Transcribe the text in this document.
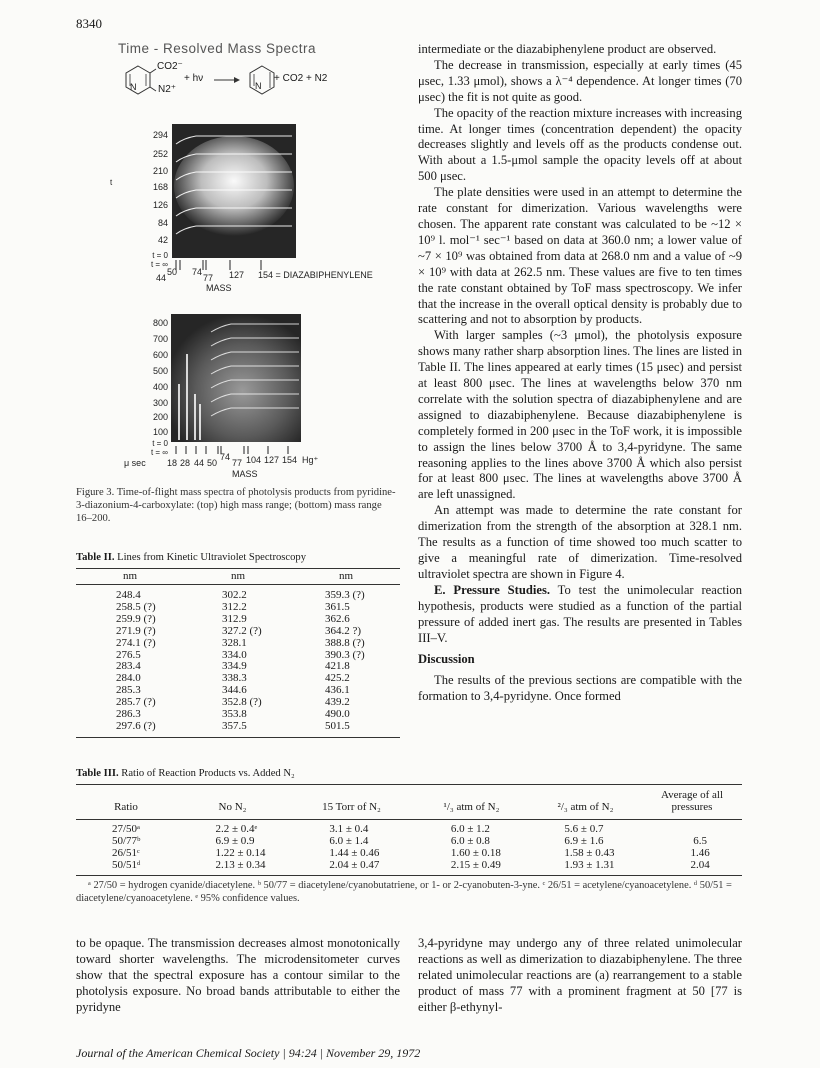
8340
Time - Resolved Mass Spectra
CO2⁻
N2⁺
N
+ hν
N
+ CO2 + N2
294
252
210
168
126
84
42
t = 0
t = ∞
t
44
50 74
77 127 154 = DIAZABIPHENYLENE
MASS
800
700
600
500
400
300
200
100
t = 0
t = ∞
μ sec 18 28 44 50
74
77 104 127 154 Hg⁺
MASS
Figure 3. Time-of-flight mass spectra of photolysis products from pyridine-3-diazonium-4-carboxylate: (top) high mass range; (bottom) mass range 16–200.
Table II. Lines from Kinetic Ultraviolet Spectroscopy
nm	nm	nm
248.4	302.2	359.3 (?)
258.5 (?)	312.2	361.5
259.9 (?)	312.9	362.6
271.9 (?)	327.2 (?)	364.2 ?)
274.1 (?)	328.1	388.8 (?)
276.5	334.0	390.3 (?)
283.4	334.9	421.8
284.0	338.3	425.2
285.3	344.6	436.1
285.7 (?)	352.8 (?)	439.2
286.3	353.8	490.0
297.6 (?)	357.5	501.5

intermediate or the diazabiphenylene product are observed.

The decrease in transmission, especially at early times (45 μsec, 1.33 μmol), shows a λ⁻⁴ dependence. At longer times (70 μsec) the fit is not quite as good.

The opacity of the reaction mixture increases with increasing time. At longer times (concentration dependent) the opacity decreases slightly and levels off as the products condense out. With about a 1.5-μmol sample the opacity levels off at about 500 μsec.

The plate densities were used in an attempt to determine the rate constant for dimerization. Various wavelengths were chosen. The apparent rate constant was calculated to be ~12 × 10⁹ l. mol⁻¹ sec⁻¹ based on data at 360.0 nm; a lower value of ~7 × 10⁹ was obtained from data at 268.0 nm and a value of ~9 × 10⁹ with data at 262.5 nm. These values are five to ten times the rate constant obtained by ToF mass spectroscopy. We infer that the increase in the overall optical density is probably due to scattering and not to absorption by products.

With larger samples (~3 μmol), the photolysis exposure shows many rather sharp absorption lines. The lines are listed in Table II. The lines appeared at early times (15 μsec) and persist at least 800 μsec. The lines at wavelengths below 370 nm correlate with the solution spectra of diazabiphenylene and are assigned to diazabiphenylene. Because diazabiphenylene is completely formed in 200 μsec in the ToF work, it is impossible to assign the lines below 3700 Å to 3,4-pyridyne. The same reasoning applies to the lines above 3700 Å which also persist for at least 800 μsec. The lines at wavelengths above 3700 Å are left unassigned.

An attempt was made to determine the rate constant for dimerization from the strength of the absorption at 328.1 nm. The results as a function of time showed too much scatter to give a meaningful rate of dimerization. Time-resolved ultraviolet spectra are shown in Figure 4.

E. Pressure Studies. To test the unimolecular reaction hypothesis, products were studied as a function of the partial pressure of added inert gas. The results are presented in Tables III–V.

Discussion

The results of the previous sections are compatible with the formation to 3,4-pyridyne. Once formed

Table III. Ratio of Reaction Products vs. Added N₂
Ratio	No N₂	15 Torr of N₂	¹/₃ atm of N₂	²/₃ atm of N₂	Average of all pressures
27/50ᵃ	2.2 ± 0.4ᵉ	3.1 ± 0.4	6.0 ± 1.2	5.6 ± 0.7	
50/77ᵇ	6.9 ± 0.9	6.0 ± 1.4	6.0 ± 0.8	6.9 ± 1.6	6.5
26/51ᶜ	1.22 ± 0.14	1.44 ± 0.46	1.60 ± 0.18	1.58 ± 0.43	1.46
50/51ᵈ	2.13 ± 0.34	2.04 ± 0.47	2.15 ± 0.49	1.93 ± 1.31	2.04
ᵃ 27/50 = hydrogen cyanide/diacetylene. ᵇ 50/77 = diacetylene/cyanobutatriene, or 1- or 2-cyanobuten-3-yne. ᶜ 26/51 = acetylene/cyanoacetylene. ᵈ 50/51 = diacetylene/cyanoacetylene. ᵉ 95% confidence values.

to be opaque. The transmission decreases almost monotonically toward shorter wavelengths. The microdensitometer curves show that the spectral exposure has a contour similar to the photolysis exposure. No broad bands attributable to either the pyridyne

3,4-pyridyne may undergo any of three related unimolecular reactions as well as dimerization to diazabiphenylene. The three related unimolecular reactions are (a) rearrangement to a stable product of mass 77 with a prominent fragment at 50 [77 is either β-ethynyl-

Journal of the American Chemical Society | 94:24 | November 29, 1972
